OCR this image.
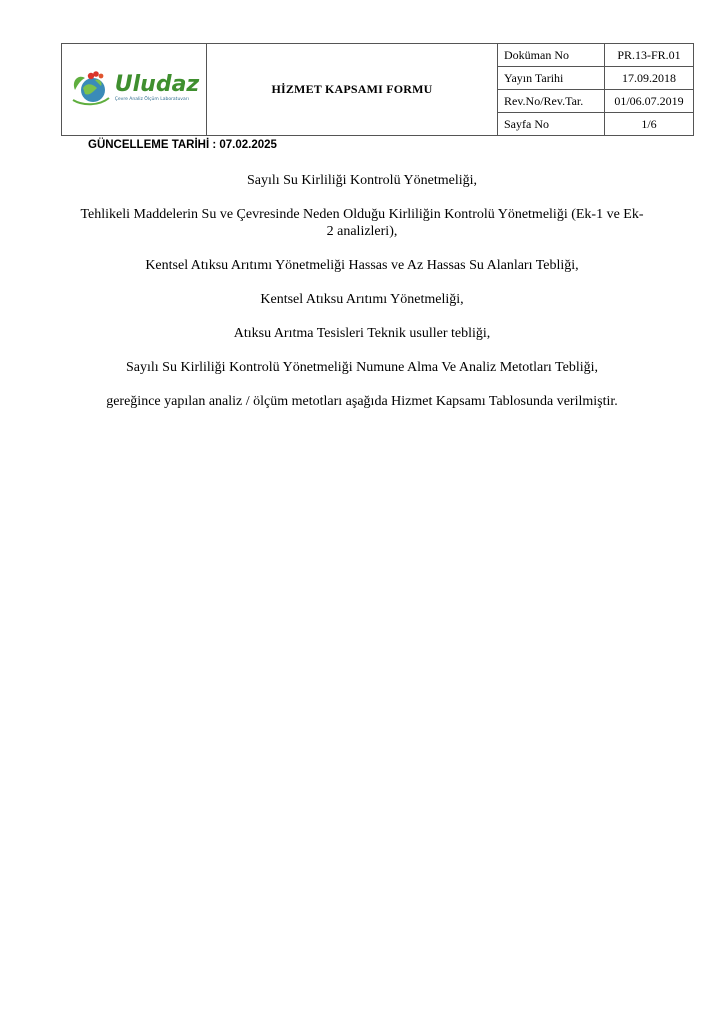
Uludaz
Çevre Analiz Ölçüm Laboratuvarı	HİZMET KAPSAMI FORMU	Doküman No	PR.13-FR.01
		Yayın Tarihi	17.09.2018
		Rev.No/Rev.Tar.	01/06.07.2019
		Sayfa No	1/6
GÜNCELLEME TARİHİ : 07.02.2025

Sayılı Su Kirliliği Kontrolü Yönetmeliği,

Tehlikeli Maddelerin Su ve Çevresinde Neden Olduğu Kirliliğin Kontrolü Yönetmeliği (Ek-1 ve Ek-2 analizleri),

Kentsel Atıksu Arıtımı Yönetmeliği Hassas ve Az Hassas Su Alanları Tebliği,

Kentsel Atıksu Arıtımı Yönetmeliği,

Atıksu Arıtma Tesisleri Teknik usuller tebliği,

Sayılı Su Kirliliği Kontrolü Yönetmeliği Numune Alma Ve Analiz Metotları Tebliği,

gereğince yapılan analiz / ölçüm metotları aşağıda Hizmet Kapsamı Tablosunda verilmiştir.
